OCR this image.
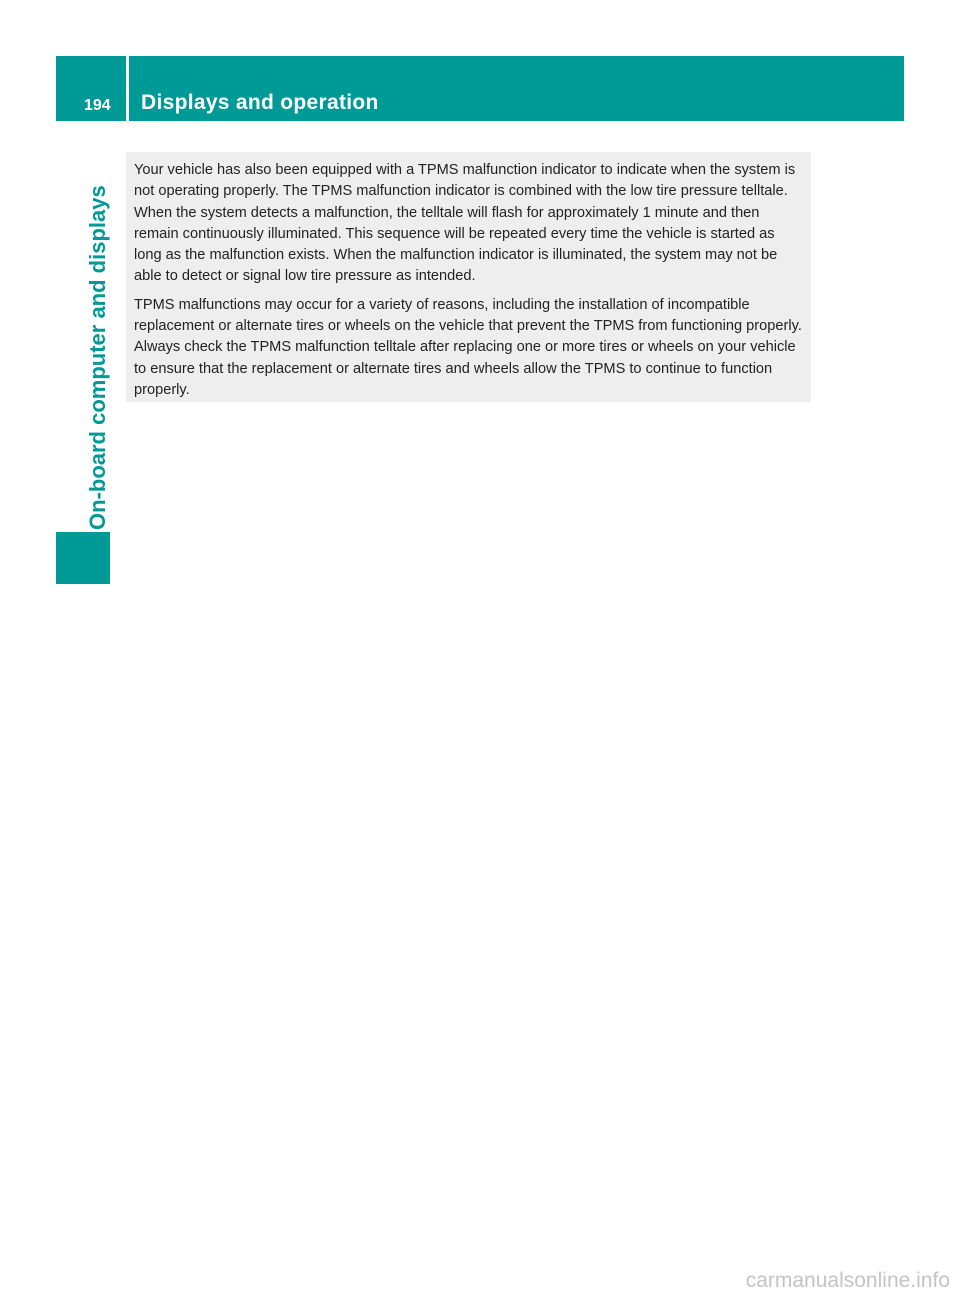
194 Displays and operation
On-board computer and displays

Your vehicle has also been equipped with a TPMS malfunction indicator to indicate when the system is not operating properly. The TPMS malfunction indicator is combined with the low tire pressure telltale. When the system detects a malfunction, the telltale will flash for approximately 1 minute and then remain continuously illuminated. This sequence will be repeated every time the vehicle is started as long as the malfunction exists. When the malfunction indicator is illuminated, the system may not be able to detect or signal low tire pressure as intended.

TPMS malfunctions may occur for a variety of reasons, including the installation of incompatible replacement or alternate tires or wheels on the vehicle that prevent the TPMS from functioning properly. Always check the TPMS malfunction telltale after replacing one or more tires or wheels on your vehicle to ensure that the replacement or alternate tires and wheels allow the TPMS to continue to function properly.

carmanualsonline.info
